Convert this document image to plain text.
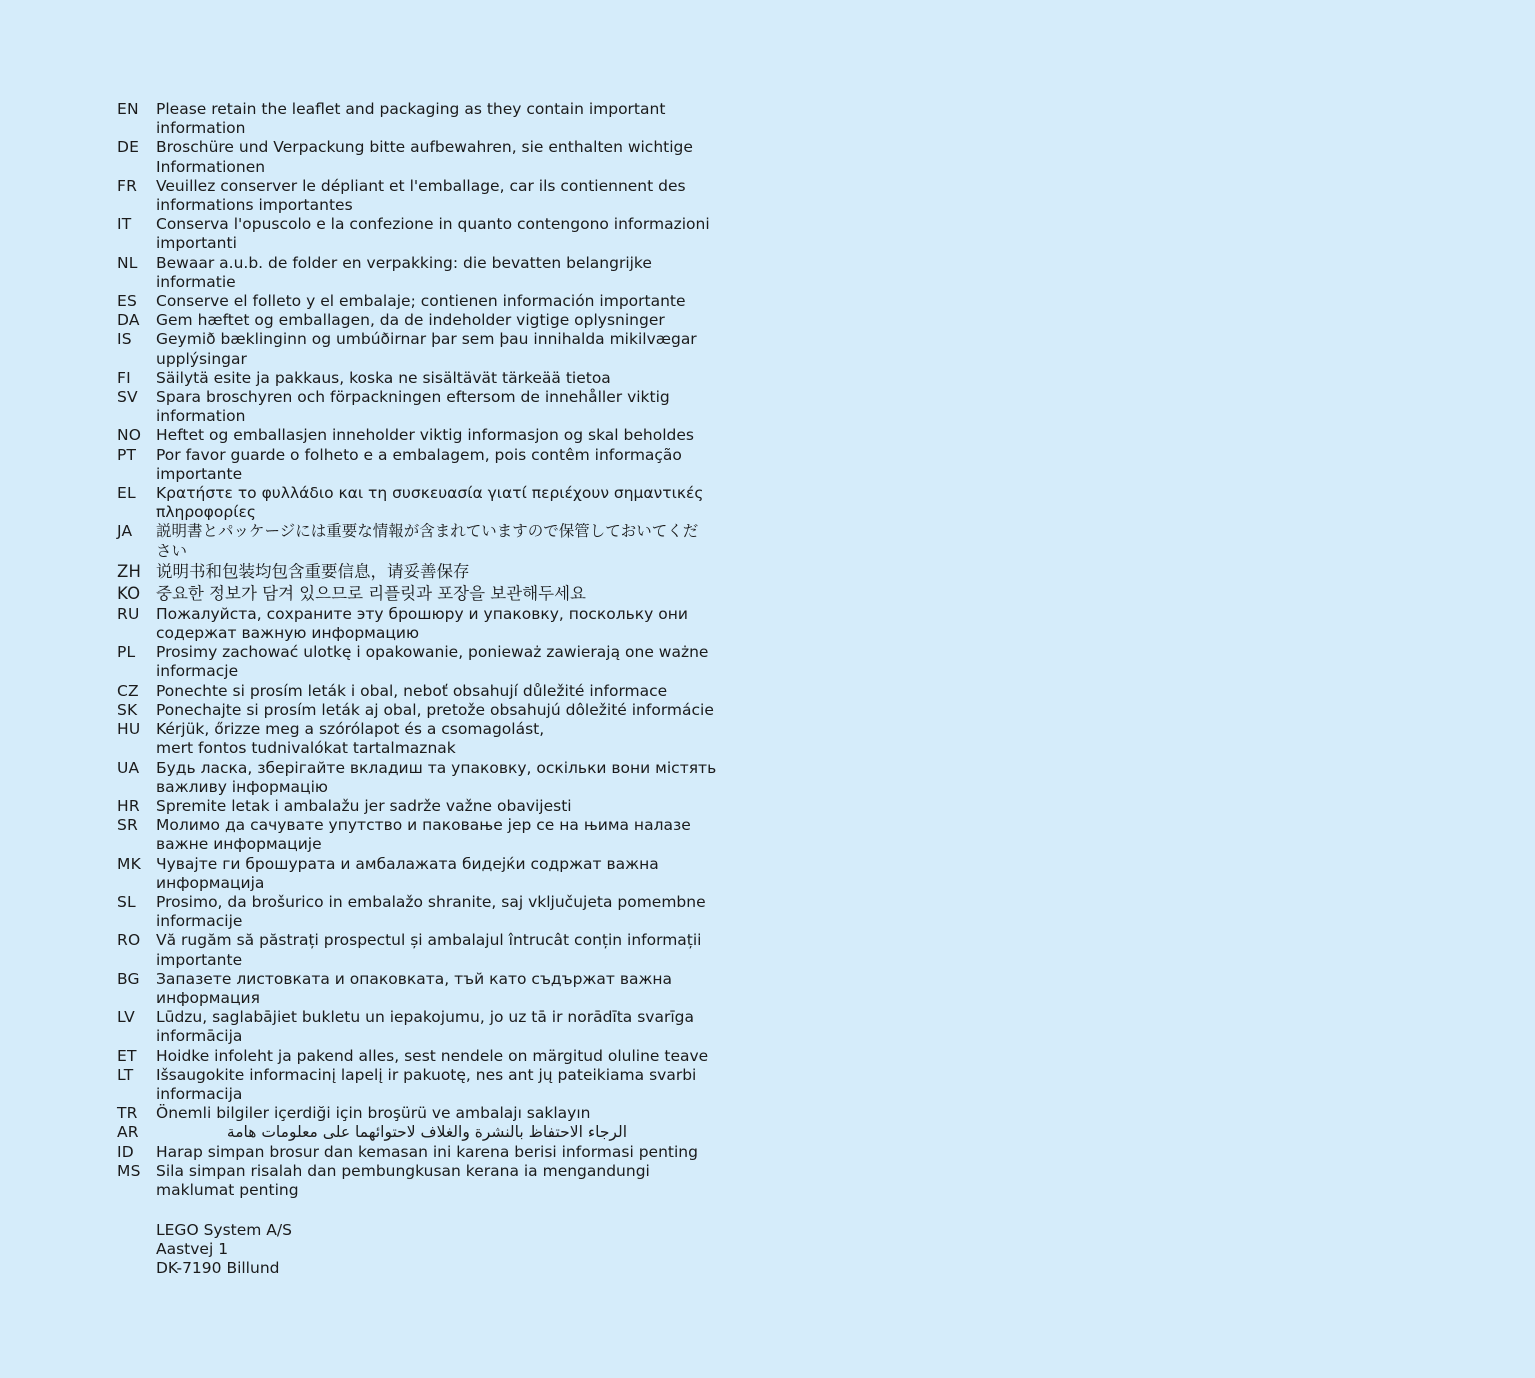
EN	Please retain the leaflet and packaging as they contain important
information
DE	Broschüre und Verpackung bitte aufbewahren, sie enthalten wichtige
Informationen
FR	Veuillez conserver le dépliant et l'emballage, car ils contiennent des
informations importantes
IT	Conserva l'opuscolo e la confezione in quanto contengono informazioni
importanti
NL	Bewaar a.u.b. de folder en verpakking: die bevatten belangrijke
informatie
ES	Conserve el folleto y el embalaje; contienen información importante
DA	Gem hæftet og emballagen, da de indeholder vigtige oplysninger
IS	Geymið bæklinginn og umbúðirnar þar sem þau innihalda mikilvægar
upplýsingar
FI	Säilytä esite ja pakkaus, koska ne sisältävät tärkeää tietoa
SV	Spara broschyren och förpackningen eftersom de innehåller viktig
information
NO Heftet og emballasjen inneholder viktig informasjon og skal beholdes
PT	Por favor guarde o folheto e a embalagem, pois contêm informação
importante
EL	Κρατήστε το φυλλάδιο και τη συσκευασία γιατί περιέχουν σημαντικές
πληροφορίες
JA	説明書とパッケージには重要な情報が含まれていますので保管しておいてくだ
さい
ZH 说明书和包装均包含重要信息，请妥善保存
KO 중요한 정보가 담겨 있으므로 리플릿과 포장을 보관해두세요
RU	Пожалуйста, сохраните эту брошюру и упаковку, поскольку они
содержат важную информацию
PL	Prosimy zachować ulotkę i opakowanie, ponieważ zawierają one ważne
informacje
CZ	Ponechte si prosím leták i obal, neboť obsahují důležité informace
SK	Ponechajte si prosím leták aj obal, pretože obsahujú dôležité informácie
HU	Kérjük, őrizze meg a szórólapot és a csomagolást,
mert fontos tudnivalókat tartalmaznak
UA	Будь ласка, зберігайте вкладиш та упаковку, оскільки вони містять
важливу інформацію
HR	Spremite letak i ambalažu jer sadrže važne obavijesti
SR	Молимо да сачувате упутство и паковање јер се на њима налазе
важне информације
MK Чувајте ги брошурата и амбалажата бидејќи содржат важна
информација
SL	Prosimo, da brošurico in embalažo shranite, saj vključujeta pomembne
informacije
RO	Vă rugăm să păstrați prospectul și ambalajul întrucât conțin informații
importante
BG	Запазете листовката и опаковката, тъй като съдържат важна
информация
LV	Lūdzu, saglabājiet bukletu un iepakojumu, jo uz tā ir norādīta svarīga
informācija
ET	Hoidke infoleht ja pakend alles, sest nendele on märgitud oluline teave
LT	Išsaugokite informacinį lapelį ir pakuotę, nes ant jų pateikiama svarbi
informacija
TR	Önemli bilgiler içerdiği için broşürü ve ambalajı saklayın
AR	الرجاء الاحتفاظ بالنشرة والغلاف لاحتوائهما على معلومات هامة
ID	Harap simpan brosur dan kemasan ini karena berisi informasi penting
MS Sila simpan risalah dan pembungkusan kerana ia mengandungi
maklumat penting
LEGO System A/S
Aastvej 1
DK-7190 Billund
